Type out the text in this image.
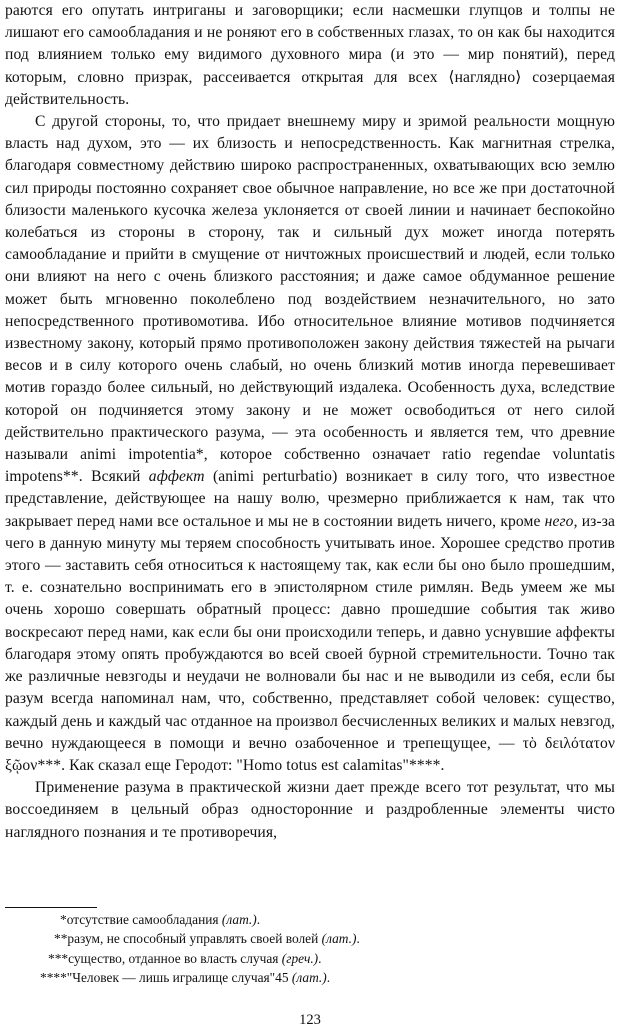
раются его опутать интриганы и заговорщики; если насмешки глупцов и толпы не лишают его самообладания и не роняют его в собственных глазах, то он как бы находится под влиянием только ему видимого духовного мира (и это — мир понятий), перед которым, словно призрак, рассеивается открытая для всех ⟨наглядно⟩ созерцаемая действительность.

С другой стороны, то, что придает внешнему миру и зримой реальности мощную власть над духом, это — их близость и непосредственность. Как магнитная стрелка, благодаря совместному действию широко распространенных, охватывающих всю землю сил природы постоянно сохраняет свое обычное направление, но все же при достаточной близости маленького кусочка железа уклоняется от своей линии и начинает беспокойно колебаться из стороны в сторону, так и сильный дух может иногда потерять самообладание и прийти в смущение от ничтожных происшествий и людей, если только они влияют на него с очень близкого расстояния; и даже самое обдуманное решение может быть мгновенно поколеблено под воздействием незначительного, но зато непосредственного противомотива. Ибо относительное влияние мотивов подчиняется известному закону, который прямо противоположен закону действия тяжестей на рычаги весов и в силу которого очень слабый, но очень близкий мотив иногда перевешивает мотив гораздо более сильный, но действующий издалека. Особенность духа, вследствие которой он подчиняется этому закону и не может освободиться от него силой действительно практического разума, — эта особенность и является тем, что древние называли animi impotentia*, которое собственно означает ratio regendae voluntatis impotens**. Всякий аффект (animi perturbatio) возникает в силу того, что известное представление, действующее на нашу волю, чрезмерно приближается к нам, так что закрывает перед нами все остальное и мы не в состоянии видеть ничего, кроме него, из-за чего в данную минуту мы теряем способность учитывать иное. Хорошее средство против этого — заставить себя относиться к настоящему так, как если бы оно было прошедшим, т. е. сознательно воспринимать его в эпистолярном стиле римлян. Ведь умеем же мы очень хорошо совершать обратный процесс: давно прошедшие события так живо воскресают перед нами, как если бы они происходили теперь, и давно уснувшие аффекты благодаря этому опять пробуждаются во всей своей бурной стремительности. Точно так же различные невзгоды и неудачи не волновали бы нас и не выводили из себя, если бы разум всегда напоминал нам, что, собственно, представляет собой человек: существо, каждый день и каждый час отданное на произвол бесчисленных великих и малых невзгод, вечно нуждающееся в помощи и вечно озабоченное и трепещущее, — τὸ δειλότατον ξῷον***. Как сказал еще Геродот: "Homo totus est calamitas"****.

Применение разума в практической жизни дает прежде всего тот результат, что мы воссоединяем в цельный образ односторонние и раздробленные элементы чисто наглядного познания и те противоречия,

*отсутствие самообладания (лат.).

**разум, не способный управлять своей волей (лат.).

***существо, отданное во власть случая (греч.).

****"Человек — лишь игралище случая"45 (лат.).

123
